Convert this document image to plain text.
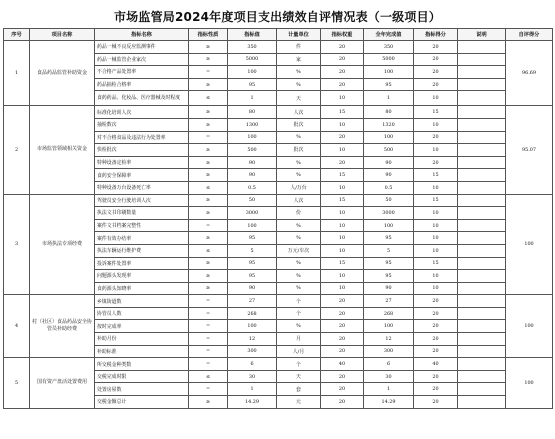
市场监管局2024年度项目支出绩效自评情况表（一级项目）
序号	项目名称	指标名称	指标性质	指标值	计量单位	指标权重	全年完成值	指标得分	说明	自评得分
1	食品药品监管补助资金	药品一械不良反应监测事件	≥	350	件	20	350	20		96.69
		药品一械监管企业家次	≥	5000	家	20	5000	20		
		不合格产品处置率	=	100	%	20	100	20		
		药品抽检合格率	≥	95	%	20	95	20		
		食药药品、化妆品、医疗器械及时程度	≤	1	天	10	1	10		
2	市场监管领域相关资金	标准化培训人次	≥	80	人次	15	80	15		95.07
		抽检数次	≥	1300	批次	10	1320	10		
		对不合格食品及违法行为处置率	=	100	%	20	100	20		
		快检批次	≥	500	批次	10	500	10		
		特种设备定检率	≥	90	%	20	90	20		
		食药安全保障率	≥	90	%	15	90	15		
		特种设备万台设备死亡率	≤	0.5	人/万台	10	0.5	10		
3	市场执法专项经费	驾驶员安全行驶培训人次	≥	50	人次	15	50	15		100
		执法文书印刷数量	≥	3000	份	10	3000	10		
		案件文书档案完整性	=	100	%	10	100	10		
		案件有效办结率	≥	95	%	10	95	10		
		执法车辆运行维护费	≤	5	万元/车次	10	5	10		
		投诉案件处置率	≥	95	%	15	95	15		
		问题源头发现率	≥	95	%	10	95	10		
		食药源头知晓率	≥	90	%	10	90	10		
4	村（社区）食品药品安全协管员补助经费	乡镇街道数	=	27	个	20	27	20		100
		协管员人数	=	268	个	20	268	20		
		按时完成率	=	100	%	20	100	20		
		补助月份	=	12	月	20	12	20		
		补助标准	=	300	人/月	20	300	20		
5	国有资产盘活处置费用	所交税金种类数	=	6	个	40	6	40		100
		交税完成时限	≤	30	天	20	30	20		
		处置房屋数	=	1	套	20	1	20		
		交税金额总计	≥	14.29	元	20	14.29	20		
